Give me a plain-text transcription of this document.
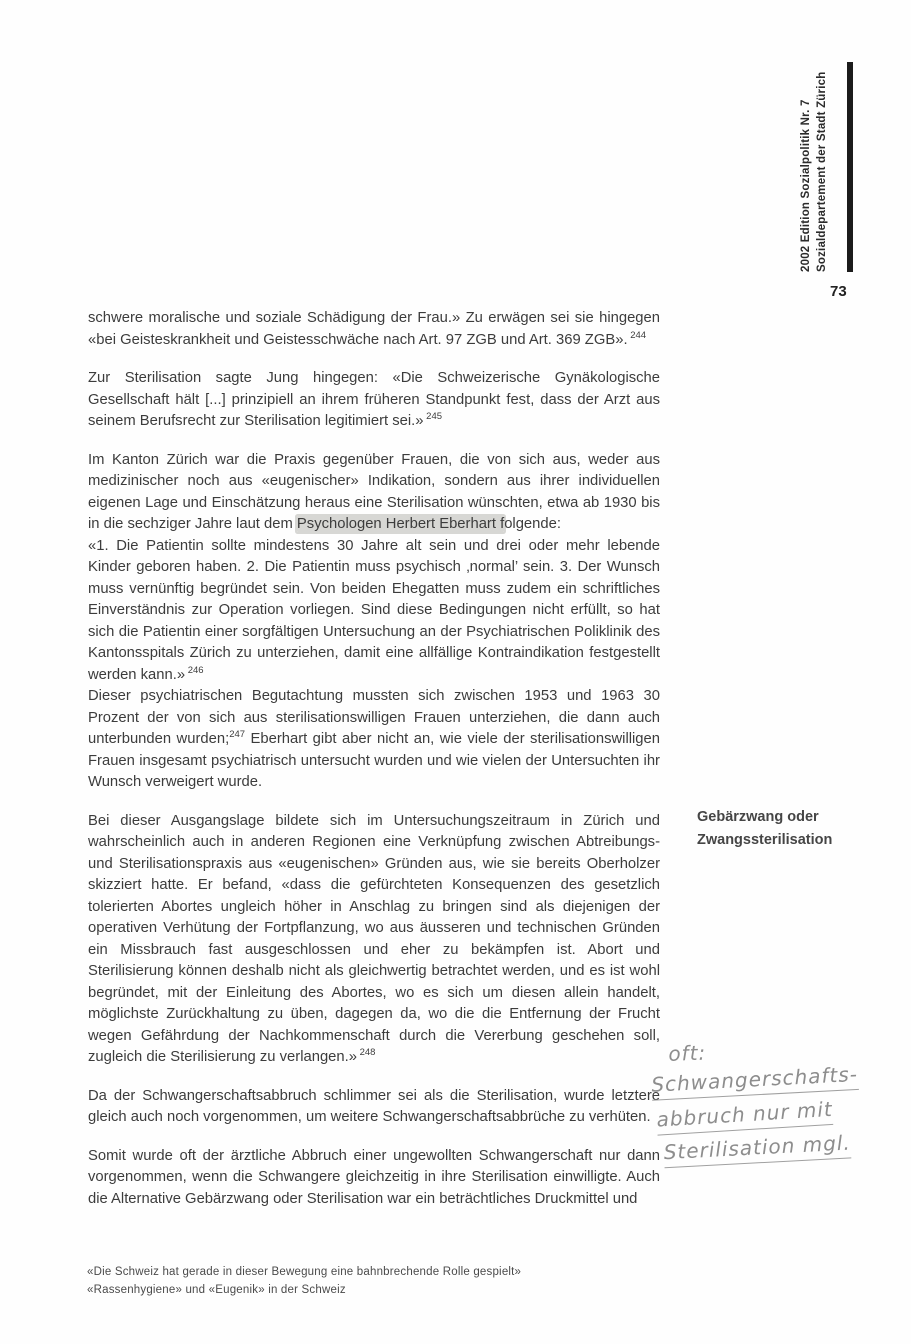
2002 Edition Sozialpolitik Nr. 7 Sozialdepartement der Stadt Zürich
73
schwere moralische und soziale Schädigung der Frau.» Zu erwägen sei sie hingegen «bei Geisteskrankheit und Geistesschwäche nach Art. 97 ZGB und Art. 369 ZGB». $^{244}$
Zur Sterilisation sagte Jung hingegen: «Die Schweizerische Gynäkologische Gesellschaft hält [...] prinzipiell an ihrem früheren Standpunkt fest, dass der Arzt aus seinem Berufsrecht zur Sterilisation legitimiert sei.» $^{245}$
Im Kanton Zürich war die Praxis gegenüber Frauen, die von sich aus, weder aus medizinischer noch aus «eugenischer» Indikation, sondern aus ihrer individuellen eigenen Lage und Einschätzung heraus eine Sterilisation wünschten, etwa ab 1930 bis in die sechziger Jahre laut dem Psychologen Herbert Eberhart folgende:
«1. Die Patientin sollte mindestens 30 Jahre alt sein und drei oder mehr lebende Kinder geboren haben. 2. Die Patientin muss psychisch ‚normal’ sein. 3. Der Wunsch muss vernünftig begründet sein. Von beiden Ehegatten muss zudem ein schriftliches Einverständnis zur Operation vorliegen. Sind diese Bedingungen nicht erfüllt, so hat sich die Patientin einer sorgfältigen Untersuchung an der Psychiatrischen Poliklinik des Kantonsspitals Zürich zu unterziehen, damit eine allfällige Kontraindikation festgestellt werden kann.» $^{246}$
Dieser psychiatrischen Begutachtung mussten sich zwischen 1953 und 1963 30 Prozent der von sich aus sterilisationswilligen Frauen unterziehen, die dann auch unterbunden wurden;$^{247}$ Eberhart gibt aber nicht an, wie viele der sterilisationswilligen Frauen insgesamt psychiatrisch untersucht wurden und wie vielen der Untersuchten ihr Wunsch verweigert wurde.
Bei dieser Ausgangslage bildete sich im Untersuchungszeitraum in Zürich und wahrscheinlich auch in anderen Regionen eine Verknüpfung zwischen Abtreibungs- und Sterilisationspraxis aus «eugenischen» Gründen aus, wie sie bereits Oberholzer skizziert hatte. Er befand, «dass die gefürchteten Konsequenzen des gesetzlich tolerierten Abortes ungleich höher in Anschlag zu bringen sind als diejenigen der operativen Verhütung der Fortpflanzung, wo aus äusseren und technischen Gründen ein Missbrauch fast ausgeschlossen und eher zu bekämpfen ist. Abort und Sterilisierung können deshalb nicht als gleichwertig betrachtet werden, und es ist wohl begründet, mit der Einleitung des Abortes, wo es sich um diesen allein handelt, möglichste Zurückhaltung zu üben, dagegen da, wo die die Entfernung der Frucht wegen Gefährdung der Nachkommenschaft durch die Vererbung geschehen soll, zugleich die Sterilisierung zu verlangen.» $^{248}$
Da der Schwangerschaftsabbruch schlimmer sei als die Sterilisation, wurde letztere gleich auch noch vorgenommen, um weitere Schwangerschaftsabbrüche zu verhüten.
Somit wurde oft der ärztliche Abbruch einer ungewollten Schwangerschaft nur dann vorgenommen, wenn die Schwangere gleichzeitig in ihre Sterilisation einwilligte. Auch die Alternative Gebärzwang oder Sterilisation war ein beträchtliches Druckmittel und
Gebärzwang oder
Zwangssterilisation
oft:
Schwangerschafts-
abbruch nur mit
Sterilisation mgl.
«Die Schweiz hat gerade in dieser Bewegung eine bahnbrechende Rolle gespielt»
«Rassenhygiene» und «Eugenik» in der Schweiz
